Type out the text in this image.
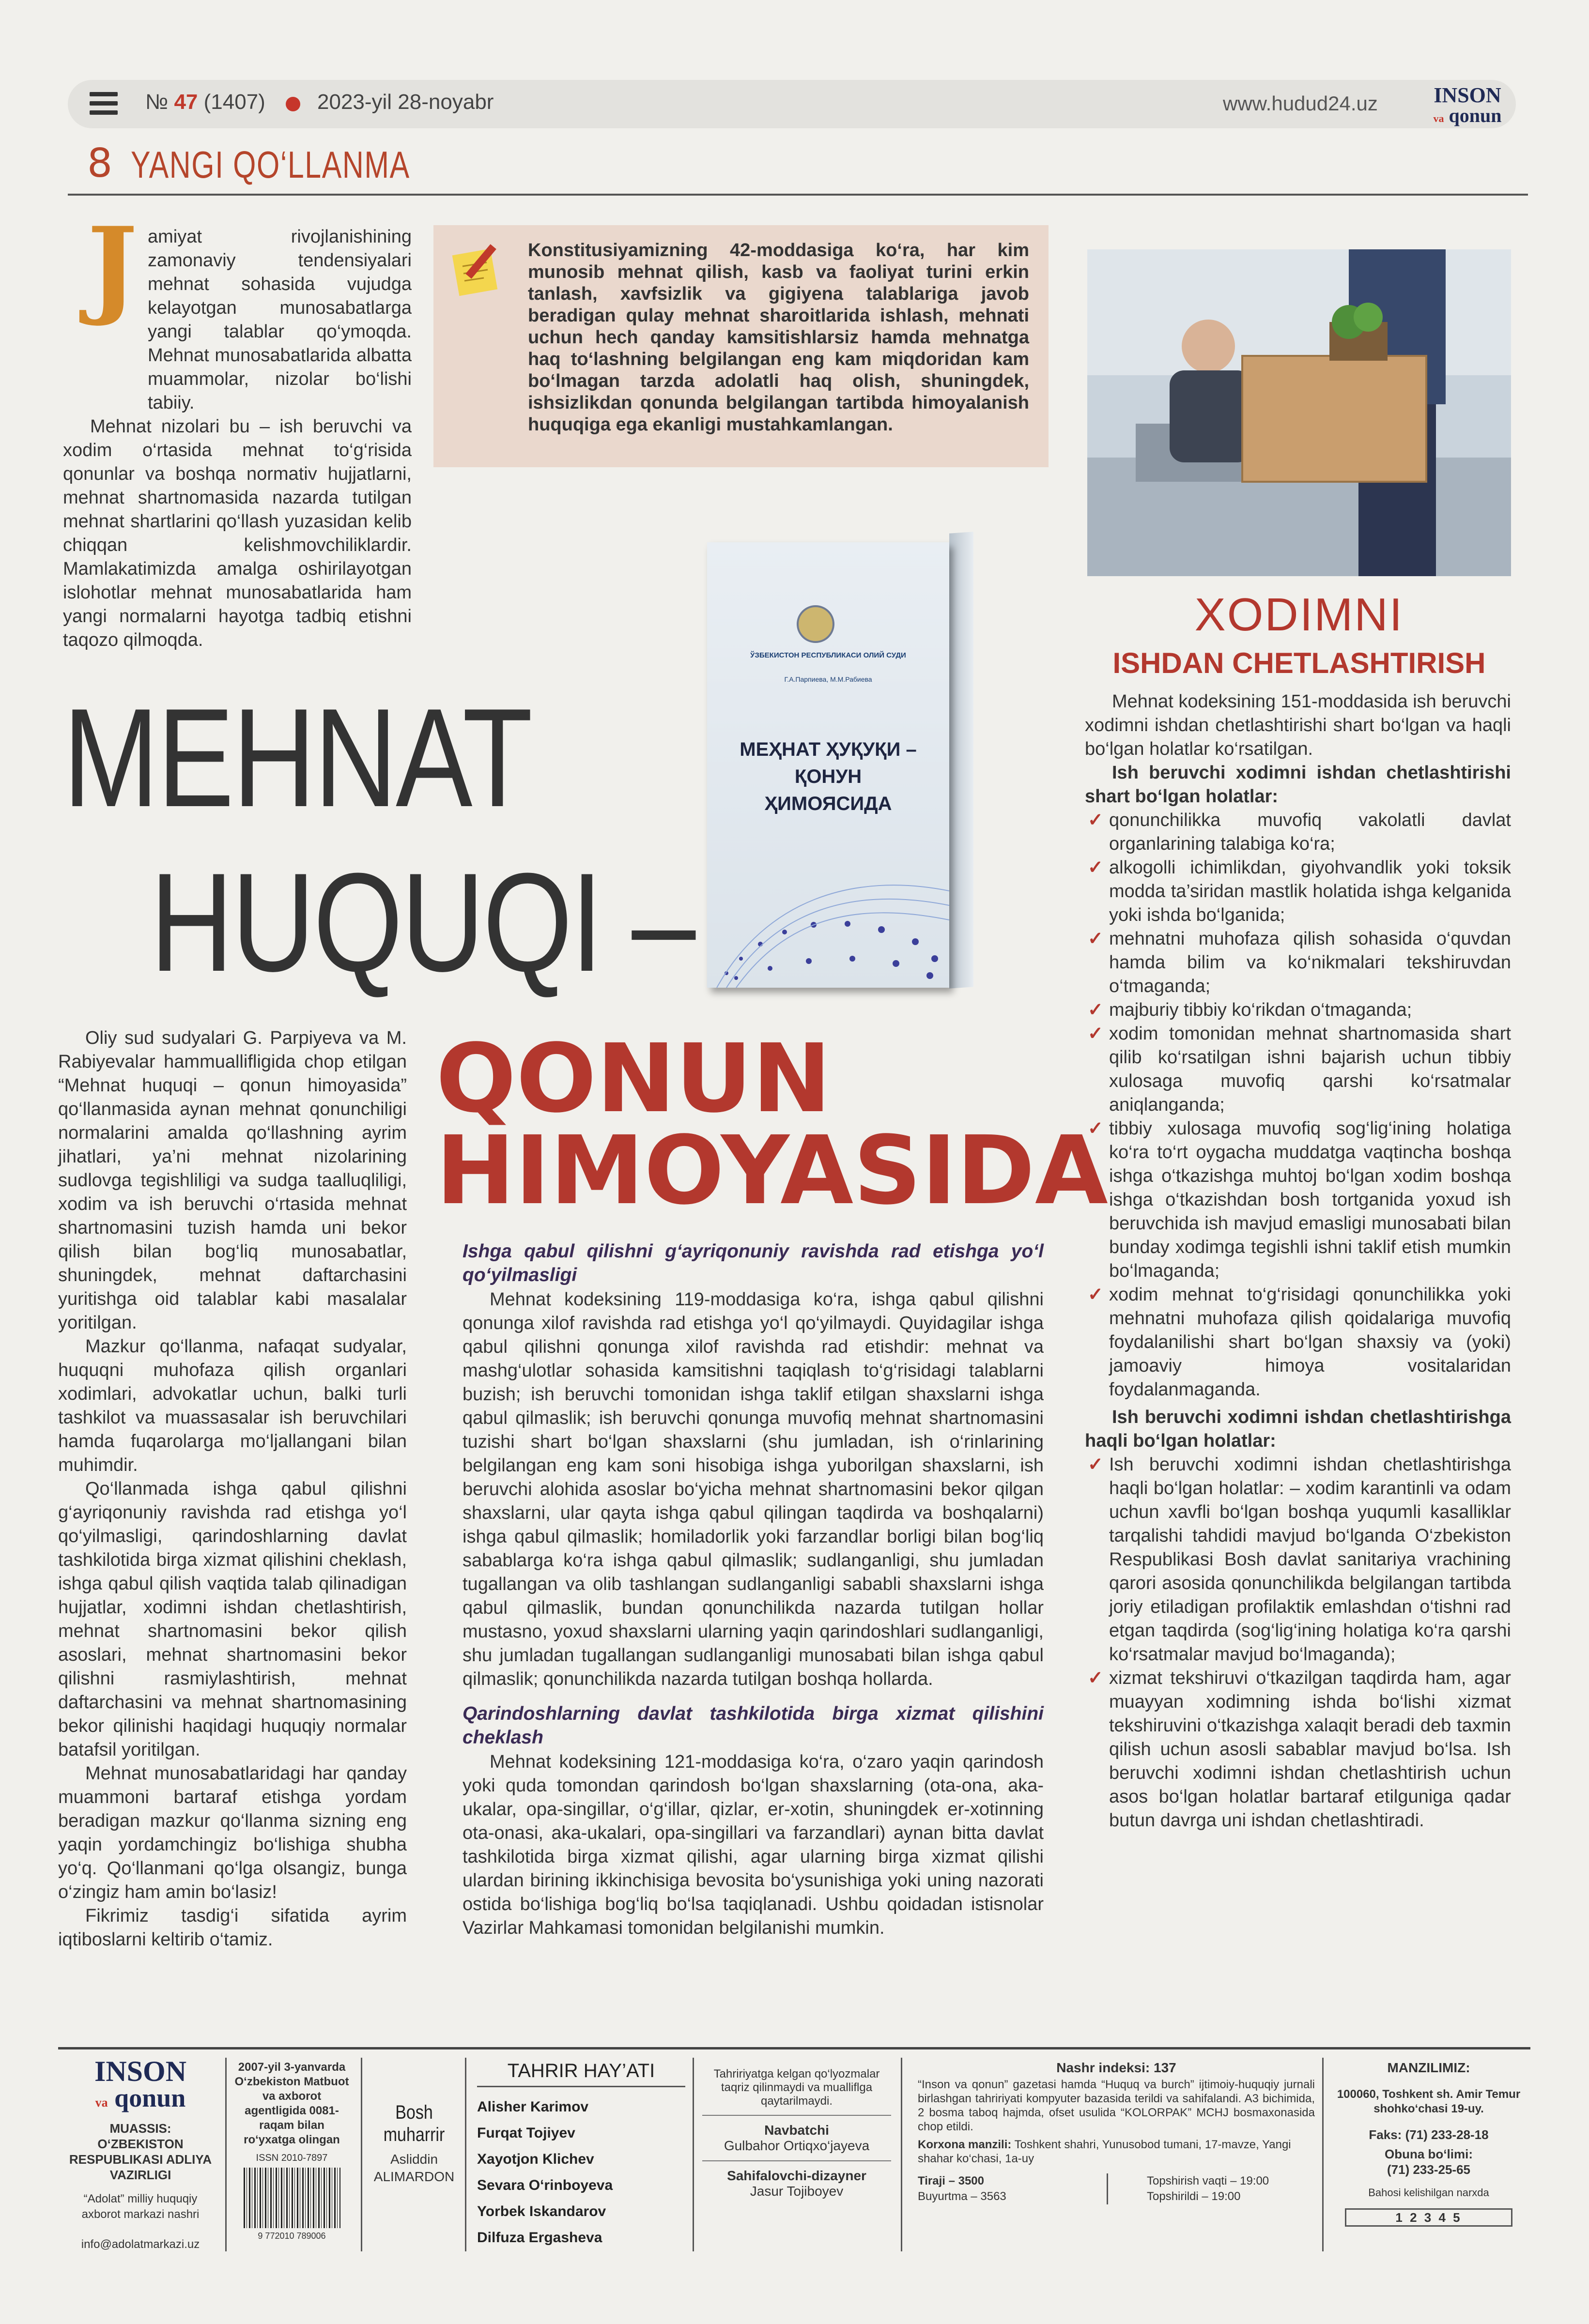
№ 47 (1407) 2023-yil 28-noyabr	www.hudud24.uz	INSON
va qonun
8 YANGI QO‘LLANMA
J amiyat rivojlanishining zamonaviy tendensiyalari mehnat sohasida vujudga kelayotgan munosabatlarga yangi talablar qo‘ymoqda. Mehnat munosabatlarida albatta muammolar, nizolar bo‘lishi tabiiy.

Mehnat nizolari bu – ish beruvchi va xodim o‘rtasida mehnat to‘g‘risida qonunlar va boshqa normativ hujjatlarni, mehnat shartnomasida nazarda tutilgan mehnat shartlarini qo‘llash yuzasidan kelib chiqqan kelishmovchiliklardir. Mamlakatimizda amalga oshirilayotgan islohotlar mehnat munosabatlarida ham yangi normalarni hayotga tadbiq etishni taqozo qilmoqda.

Konstitusiyamizning 42-moddasiga ko‘ra, har kim munosib mehnat qilish, kasb va faoliyat turini erkin tanlash, xavfsizlik va gigiyena talablariga javob beradigan qulay mehnat sharoitlarida ishlash, mehnati uchun hech qanday kamsitishlarsiz hamda mehnatga haq to‘lashning belgilangan eng kam miqdoridan kam bo‘lmagan tarzda adolatli haq olish, shuningdek, ishsizlikdan qonunda belgilangan tartibda himoyalanish huquqiga ega ekanligi mustahkamlangan.
MEHNAT
HUQUQI –
QONUN
HIMOYASIDA
ЎЗБЕКИСТОН РЕСПУБЛИКАСИ ОЛИЙ СУДИ
Г.А.Парпиева, М.М.Рабиева
МЕҲНАТ ҲУҚУҚИ –
ҚОНУН
ҲИМОЯСИДА

Oliy sud sudyalari G. Parpiyeva va M. Rabiyevalar hammuallifligida chop etilgan “Mehnat huquqi – qonun himoyasida” qo‘llanmasida aynan mehnat qonunchiligi normalarini amalda qo‘llashning ayrim jihatlari, ya’ni mehnat nizolarining sudlovga tegishliligi va sudga taalluqliligi, xodim va ish beruvchi o‘rtasida mehnat shartnomasini tuzish hamda uni bekor qilish bilan bog‘liq munosabatlar, shuningdek, mehnat daftarchasini yuritishga oid talablar kabi masalalar yoritilgan.

Mazkur qo‘llanma, nafaqat sudyalar, huquqni muhofaza qilish organlari xodimlari, advokatlar uchun, balki turli tashkilot va muassasalar ish beruvchilari hamda fuqarolarga mo‘ljallangani bilan muhimdir.

Qo‘llanmada ishga qabul qilishni g‘ayriqonuniy ravishda rad etishga yo‘l qo‘yilmasligi, qarindoshlarning davlat tashkilotida birga xizmat qilishini cheklash, ishga qabul qilish vaqtida talab qilinadigan hujjatlar, xodimni ishdan chetlashtirish, mehnat shartnomasini bekor qilish asoslari, mehnat shartnomasini bekor qilishni rasmiylashtirish, mehnat daftarchasini va mehnat shartnomasining bekor qilinishi haqidagi huquqiy normalar batafsil yoritilgan.

Mehnat munosabatlaridagi har qanday muammoni bartaraf etishga yordam beradigan mazkur qo‘llanma sizning eng yaqin yordamchingiz bo‘lishiga shubha yo‘q. Qo‘llanmani qo‘lga olsangiz, bunga o‘zingiz ham amin bo‘lasiz!

Fikrimiz tasdig‘i sifatida ayrim iqtiboslarni keltirib o‘tamiz.

Ishga qabul qilishni g‘ayriqonuniy ravishda rad etishga yo‘l qo‘yilmasligi

Mehnat kodeksining 119-moddasiga ko‘ra, ishga qabul qilishni qonunga xilof ravishda rad etishga yo‘l qo‘yilmaydi. Quyidagilar ishga qabul qilishni qonunga xilof ravishda rad etishdir: mehnat va mashg‘ulotlar sohasida kamsitishni taqiqlash to‘g‘risidagi talablarni buzish; ish beruvchi tomonidan ishga taklif etilgan shaxslarni ishga qabul qilmaslik; ish beruvchi qonunga muvofiq mehnat shartnomasini tuzishi shart bo‘lgan shaxslarni (shu jumladan, ish o‘rinlarining belgilangan eng kam soni hisobiga ishga yuborilgan shaxslarni, ish beruvchi alohida asoslar bo‘yicha mehnat shartnomasini bekor qilgan shaxslarni, ular qayta ishga qabul qilingan taqdirda va boshqalarni) ishga qabul qilmaslik; homiladorlik yoki farzandlar borligi bilan bog‘liq sabablarga ko‘ra ishga qabul qilmaslik; sudlanganligi, shu jumladan tugallangan va olib tashlangan sudlanganligi sababli shaxslarni ishga qabul qilmaslik, bundan qonunchilikda nazarda tutilgan hollar mustasno, yoxud shaxslarni ularning yaqin qarindoshlari sudlanganligi, shu jumladan tugallangan sudlanganligi munosabati bilan ishga qabul qilmaslik; qonunchilikda nazarda tutilgan boshqa hollarda.

Qarindoshlarning davlat tashkilotida birga xizmat qilishini cheklash

Mehnat kodeksining 121-moddasiga ko‘ra, o‘zaro yaqin qarindosh yoki quda tomondan qarindosh bo‘lgan shaxslarning (ota-ona, aka-ukalar, opa-singillar, o‘g‘illar, qizlar, er-xotin, shuningdek er-xotinning ota-onasi, aka-ukalari, opa-singillari va farzandlari) aynan bitta davlat tashkilotida birga xizmat qilishi, agar ularning birga xizmat qilishi ulardan birining ikkinchisiga bevosita bo‘ysunishiga yoki uning nazorati ostida bo‘lishiga bog‘liq bo‘lsa taqiqlanadi. Ushbu qoidadan istisnolar Vazirlar Mahkamasi tomonidan belgilanishi mumkin.

XODIMNI
ISHDAN CHETLASHTIRISH

Mehnat kodeksining 151-moddasida ish beruvchi xodimni ishdan chetlashtirishi shart bo‘lgan va haqli bo‘lgan holatlar ko‘rsatilgan.

Ish beruvchi xodimni ishdan chetlashtirishi shart bo‘lgan holatlar:

✓ qonunchilikka muvofiq vakolatli davlat organlarining talabiga ko‘ra;

✓ alkogolli ichimlikdan, giyohvandlik yoki toksik modda ta’siridan mastlik holatida ishga kelganida yoki ishda bo‘lganida;

✓ mehnatni muhofaza qilish sohasida o‘quvdan hamda bilim va ko‘nikmalari tekshiruvdan o‘tmaganda;

✓ majburiy tibbiy ko‘rikdan o‘tmaganda;

✓ xodim tomonidan mehnat shartnomasida shart qilib ko‘rsatilgan ishni bajarish uchun tibbiy xulosaga muvofiq qarshi ko‘rsatmalar aniqlanganda;

✓ tibbiy xulosaga muvofiq sog‘lig‘ining holatiga ko‘ra to‘rt oygacha muddatga vaqtincha boshqa ishga o‘tkazishga muhtoj bo‘lgan xodim boshqa ishga o‘tkazishdan bosh tortganida yoxud ish beruvchida ish mavjud emasligi munosabati bilan bunday xodimga tegishli ishni taklif etish mumkin bo‘lmaganda;

✓ xodim mehnat to‘g‘risidagi qonunchilikka yoki mehnatni muhofaza qilish qoidalariga muvofiq foydalanilishi shart bo‘lgan shaxsiy va (yoki) jamoaviy himoya vositalaridan foydalanmaganda.

Ish beruvchi xodimni ishdan chetlashtirishga haqli bo‘lgan holatlar:

✓ Ish beruvchi xodimni ishdan chetlashtirishga haqli bo‘lgan holatlar: – xodim karantinli va odam uchun xavfli bo‘lgan boshqa yuqumli kasalliklar tarqalishi tahdidi mavjud bo‘lganda O‘zbekiston Respublikasi Bosh davlat sanitariya vrachining qarori asosida qonunchilikda belgilangan tartibda joriy etiladigan profilaktik emlashdan o‘tishni rad etgan taqdirda (sog‘lig‘ining holatiga ko‘ra qarshi ko‘rsatmalar mavjud bo‘lmaganda);

✓ xizmat tekshiruvi o‘tkazilgan taqdirda ham, agar muayyan xodimning ishda bo‘lishi xizmat tekshiruvini o‘tkazishga xalaqit beradi deb taxmin qilish uchun asosli sabablar mavjud bo‘lsa. Ish beruvchi xodimni ishdan chetlashtirish uchun asos bo‘lgan holatlar bartaraf etilguniga qadar butun davrga uni ishdan chetlashtiradi.

INSON
va qonun
MUASSIS:
O‘ZBEKISTON RESPUBLIKASI ADLIYA VAZIRLIGI
“Adolat” milliy huquqiy axborot markazi nashri
info@adolatmarkazi.uz
2007-yil 3-yanvarda O‘zbekiston Matbuot va axborot agentligida 0081-raqam bilan ro‘yxatga olingan
ISSN 2010-7897
9 772010 789006
Bosh muharrir
Asliddin ALIMARDON
TAHRIR HAY’ATI
Alisher Karimov
Furqat Tojiyev
Xayotjon Klichev
Sevara O‘rinboyeva
Yorbek Iskandarov
Dilfuza Ergasheva
Tahririyatga kelgan qo‘lyozmalar taqriz qilinmaydi va mualliflga qaytarilmaydi.
Navbatchi
Gulbahor Ortiqxo‘jayeva
Sahifalovchi-dizayner
Jasur Tojiboyev
Nashr indeksi: 137
“Inson va qonun” gazetasi hamda “Huquq va burch” ijtimoiy-huquqiy jurnali birlashgan tahririyati kompyuter bazasida terildi va sahifalandi. A3 bichimida, 2 bosma taboq hajmda, ofset usulida “KOLORPAK” MCHJ bosmaxonasida chop etildi.
Korxona manzili: Toshkent shahri, Yunusobod tumani, 17-mavze, Yangi shahar ko‘chasi, 1a-uy
Tiraji – 3500
Buyurtma – 3563
Topshirish vaqti – 19:00
Topshirildi – 19:00
MANZILIMIZ:
100060, Toshkent sh. Amir Temur shohko‘chasi 19-uy.
Faks: (71) 233-28-18
Obuna bo‘limi:
(71) 233-25-65
Bahosi kelishilgan narxda
1 2 3 4 5
